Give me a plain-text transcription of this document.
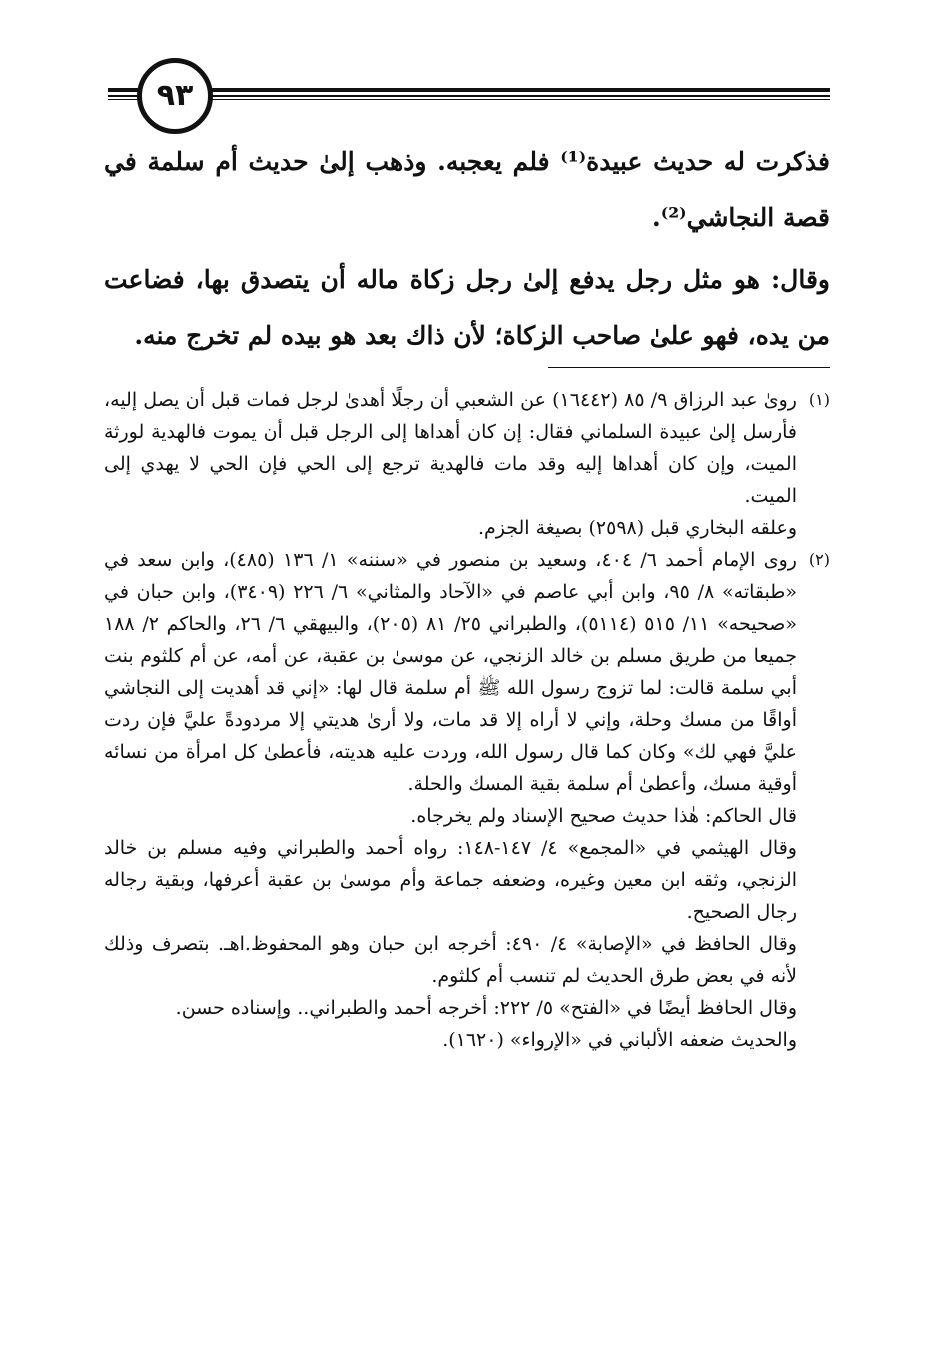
٩٣

فذكرت له حديث عبيدة⁽¹⁾ فلم يعجبه. وذهب إلىٰ حديث أم سلمة في قصة النجاشي⁽²⁾.

وقال: هو مثل رجل يدفع إلىٰ رجل زكاة ماله أن يتصدق بها، فضاعت من يده، فهو علىٰ صاحب الزكاة؛ لأن ذاك بعد هو بيده لم تخرج منه.

(١)
رویٰ عبد الرزاق ٩/ ٨٥ (١٦٤٤٢) عن الشعبي أن رجلًا أهدىٰ لرجل فمات قبل أن يصل إليه، فأرسل إلىٰ عبيدة السلماني فقال: إن كان أهداها إلى الرجل قبل أن يموت فالهدية لورثة الميت، وإن كان أهداها إليه وقد مات فالهدية ترجع إلى الحي فإن الحي لا يهدي إلى الميت.
وعلقه البخاري قبل (٢٥٩٨) بصيغة الجزم.
(٢)
روى الإمام أحمد ٦/ ٤٠٤، وسعيد بن منصور في «سننه» ١/ ١٣٦ (٤٨٥)، وابن سعد في «طبقاته» ٨/ ٩٥، وابن أبي عاصم في «الآحاد والمثاني» ٦/ ٢٢٦ (٣٤٠٩)، وابن حبان في «صحيحه» ١١/ ٥١٥ (٥١١٤)، والطبراني ٢٥/ ٨١ (٢٠٥)، والبيهقي ٦/ ٢٦، والحاكم ٢/ ١٨٨ جميعا من طريق مسلم بن خالد الزنجي، عن موسىٰ بن عقبة، عن أمه، عن أم كلثوم بنت أبي سلمة قالت: لما تزوج رسول الله ﷺ أم سلمة قال لها: «إني قد أهديت إلى النجاشي أواقًا من مسك وحلة، وإني لا أراه إلا قد مات، ولا أرىٰ هديتي إلا مردودةً عليَّ فإن ردت عليَّ فهي لك» وكان كما قال رسول الله، وردت عليه هديته، فأعطىٰ كل امرأة من نسائه أوقية مسك، وأعطىٰ أم سلمة بقية المسك والحلة.
قال الحاكم: هٰذا حديث صحيح الإسناد ولم يخرجاه.
وقال الهيثمي في «المجمع» ٤/ ١٤٧-١٤٨: رواه أحمد والطبراني وفيه مسلم بن خالد الزنجي، وثقه ابن معين وغيره، وضعفه جماعة وأم موسىٰ بن عقبة أعرفها، وبقية رجاله رجال الصحيح.
وقال الحافظ في «الإصابة» ٤/ ٤٩٠: أخرجه ابن حبان وهو المحفوظ.اهـ. بتصرف وذلك لأنه في بعض طرق الحديث لم تنسب أم كلثوم.
وقال الحافظ أيضًا في «الفتح» ٥/ ٢٢٢: أخرجه أحمد والطبراني.. وإسناده حسن.
والحديث ضعفه الألباني في «الإرواء» (١٦٢٠).
